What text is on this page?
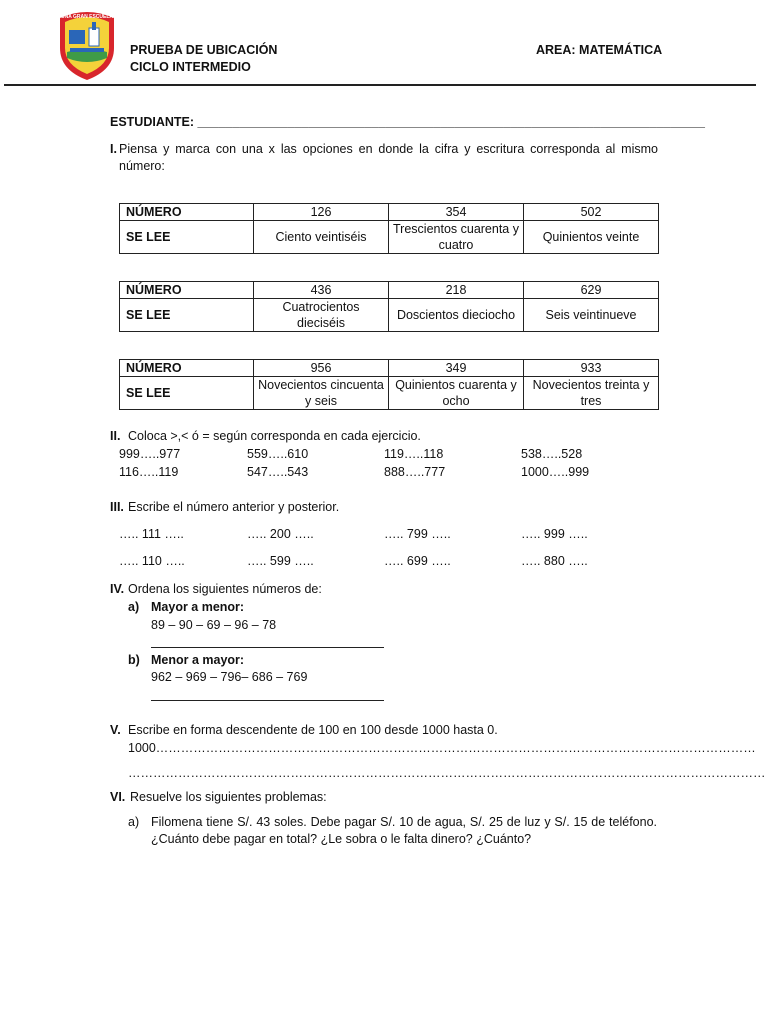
UNA GRAN ESCUELA
PRUEBA DE UBICACIÓN
CICLO INTERMEDIO
AREA: MATEMÁTICA
ESTUDIANTE: _________________________________________________________________________
I. Piensa y marca con una x las opciones en donde la cifra y escritura corresponda al mismo número:
NÚMERO	126	354	502
SE LEE	Ciento veintiséis	Trescientos cuarenta y cuatro	Quinientos veinte
NÚMERO	436	218	629
SE LEE	Cuatrocientos dieciséis	Doscientos dieciocho	Seis veintinueve
NÚMERO	956	349	933
SE LEE	Novecientos cincuenta y seis	Quinientos cuarenta y ocho	Novecientos treinta y tres
II. Coloca >,< ó = según corresponda en cada ejercicio.
999…..977	559…..610	119…..118	538…..528
116…..119	547…..543	888…..777	1000…..999
III. Escribe el número anterior y posterior.
….. 111 …..	….. 200 …..	….. 799 …..	….. 999 …..
….. 110 …..	….. 599 …..	….. 699 …..	….. 880 …..
IV. Ordena los siguientes números de:
a) Mayor a menor:
89 – 90 – 69 – 96 – 78
b) Menor a mayor:
962 – 969 – 796– 686 – 769
V. Escribe en forma descendente de 100 en 100 desde 1000 hasta 0.
1000………………………………………………………………………………………………………………………………
………………………………………………………………………………………………………………………………………
VI. Resuelve los siguientes problemas:
a) Filomena tiene S/. 43 soles. Debe pagar S/. 10 de agua, S/. 25 de luz y S/. 15 de teléfono. ¿Cuánto debe pagar en total? ¿Le sobra o le falta dinero? ¿Cuánto?
